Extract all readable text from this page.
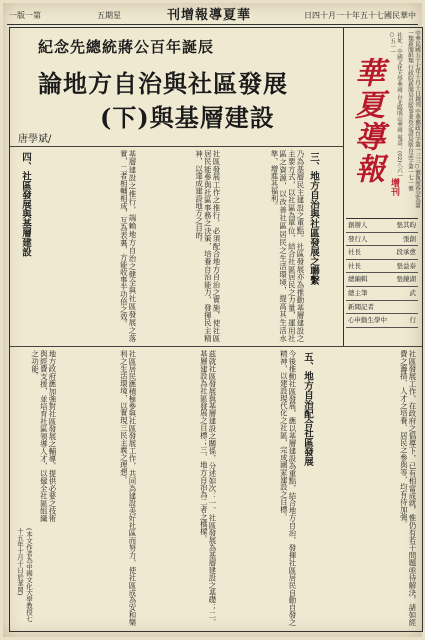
一版一第	五期星	刊增報導夏華	日四十月一十年五十七國民華中
紀念先總統蔣公百年誕辰
論地方自治與社區發展
(下)與基層建設
唐學斌/	中華民國五十七年十月十日創刊 中華郵政台字第一三三○號執照登記為第一類新聞紙類 行政院新聞局出版事業登記證局版台誌字第一七一號
社址：中國文化大學華岡 台北陽明山華岡 電話：(02)八六一○五一一
華夏導報
增刊
創辦人	張其昀
發行人	張創
社長	段承愈
社長	張益泰
總編輯	張鏡湖
總主筆	武
新聞記者
心申動生學中	行
三、地方自治與社區發展之聯繫
四、社區發展與基層建設
五、地方自治配合社區發展
乃為基層民主建設之重點。社區發展亦為推動基層建設之主要方式，以社區為單位，結合社區居民之力量，運用社區之資源，以改善社區居民之生活環境，提高其生活水準，增進其福利。
社區發展工作之推行，必須配合地方自治之實施，使社區居民能參與社區事務之決策，培養自治能力，發揮民主精神，以達成建設地方之目的。
基層建設之推行，端賴地方自治之健全與社區發展之落實，二者相輔相成，互為表裏，方能收事半功倍之效。
社區發展工作，在政府之倡導下，已有相當成就，惟仍有若干問題亟待解決，諸如經費之籌措、人才之培養、居民之參與等，均有待加強。
今後推動社區發展，應以基層建設為重點，結合地方自治，發揮社區居民自動自發之精神，以建設現代化之社區，完成國家建設之目標。
茲就社區發展與基層建設之關係，分述如次：一、社區發展為基層建設之基礎；二、基層建設為社區發展之目標；三、地方自治為二者之橋樑。
社區居民應積極參與社區發展工作，共同為建設美好社區而努力，使社區成為安和樂利之生活環境，以實現三民主義之理想。
地方政府應加強對社區發展之輔導，提供必要之技術與經費支援，並培育社區領導人才，以健全社區組織之功能。
(本文作者為中國文化大學教授七十五年十月十日於華岡)
